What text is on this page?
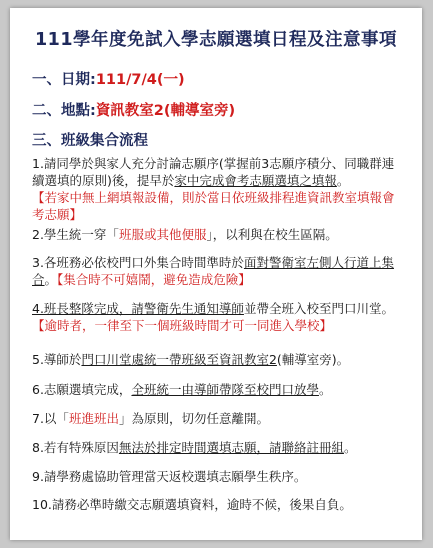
111學年度免試入學志願選填日程及注意事項
一、日期:111/7/4(一)
二、地點:資訊教室2(輔導室旁)
三、班級集合流程
1.請同學於與家人充分討論志願序(掌握前3志願序積分、同職群連續選填的原則)後，提早於家中完成會考志願選填之填報。
【若家中無上網填報設備，則於當日依班級排程進資訊教室填報會考志願】
2.學生統一穿「班服或其他便服」，以利與在校生區隔。
3.各班務必依校門口外集合時間準時於面對警衛室左側人行道上集合。【集合時不可嬉鬧，避免造成危險】
4.班長整隊完成，請警衛先生通知導師並帶全班入校至門口川堂。【逾時者，一律至下一個班級時間才可一同進入學校】
5.導師於門口川堂處統一帶班級至資訊教室2(輔導室旁)。
6.志願選填完成，全班統一由導師帶隊至校門口放學。
7.以「班進班出」為原則，切勿任意離開。
8.若有特殊原因無法於排定時間選填志願，請聯絡註冊組。
9.請學務處協助管理當天返校選填志願學生秩序。
10.請務必準時繳交志願選填資料，逾時不候，後果自負。
